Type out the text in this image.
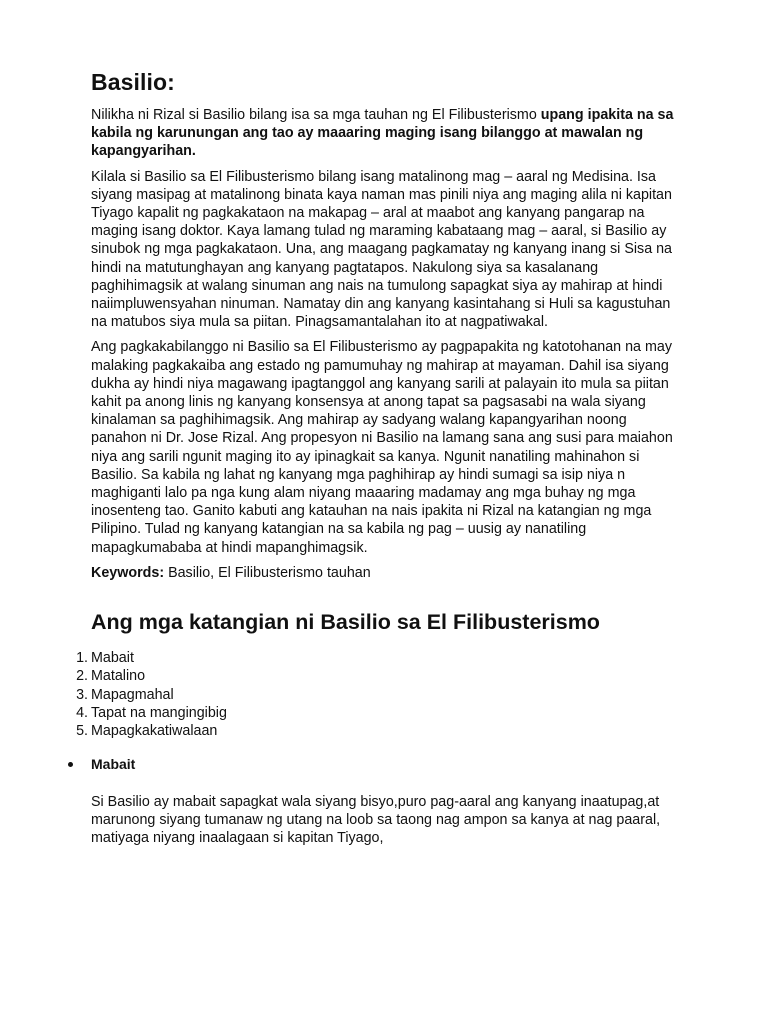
Basilio:

Nilikha ni Rizal si Basilio bilang isa sa mga tauhan ng El Filibusterismo upang ipakita na sa kabila ng karunungan ang tao ay maaaring maging isang bilanggo at mawalan ng kapangyarihan.

Kilala si Basilio sa El Filibusterismo bilang isang matalinong mag – aaral ng Medisina. Isa siyang masipag at matalinong binata kaya naman mas pinili niya ang maging alila ni kapitan Tiyago kapalit ng pagkakataon na makapag – aral at maabot ang kanyang pangarap na maging isang doktor. Kaya lamang tulad ng maraming kabataang mag – aaral, si Basilio ay sinubok ng mga pagkakataon. Una, ang maagang pagkamatay ng kanyang inang si Sisa na hindi na matutunghayan ang kanyang pagtatapos. Nakulong siya sa kasalanang paghihimagsik at walang sinuman ang nais na tumulong sapagkat siya ay mahirap at hindi naiimpluwensyahan ninuman. Namatay din ang kanyang kasintahang si Huli sa kagustuhan na matubos siya mula sa piitan. Pinagsamantalahan ito at nagpatiwakal.

Ang pagkakabilanggo ni Basilio sa El Filibusterismo ay pagpapakita ng katotohanan na may malaking pagkakaiba ang estado ng pamumuhay ng mahirap at mayaman. Dahil isa siyang dukha ay hindi niya magawang ipagtanggol ang kanyang sarili at palayain ito mula sa piitan kahit pa anong linis ng kanyang konsensya at anong tapat sa pagsasabi na wala siyang kinalaman sa paghihimagsik. Ang mahirap ay sadyang walang kapangyarihan noong panahon ni Dr. Jose Rizal. Ang propesyon ni Basilio na lamang sana ang susi para maiahon niya ang sarili ngunit maging ito ay ipinagkait sa kanya. Ngunit nanatiling mahinahon si Basilio. Sa kabila ng lahat ng kanyang mga paghihirap ay hindi sumagi sa isip niya n maghiganti lalo pa nga kung alam niyang maaaring madamay ang mga buhay ng mga inosenteng tao. Ganito kabuti ang katauhan na nais ipakita ni Rizal na katangian ng mga Pilipino. Tulad ng kanyang katangian na sa kabila ng pag – uusig ay nanatiling mapagkumababa at hindi mapanghimagsik.

Keywords: Basilio, El Filibusterismo tauhan

Ang mga katangian ni Basilio sa El Filibusterismo
1. Mabait
2. Matalino
3. Mapagmahal
4. Tapat na mangingibig
5. Mapagkakatiwalaan
Mabait

Si Basilio ay mabait sapagkat wala siyang bisyo,puro pag-aaral ang kanyang inaatupag,at marunong siyang tumanaw ng utang na loob sa taong nag ampon sa kanya at nag paaral, matiyaga niyang inaalagaan si kapitan Tiyago,
